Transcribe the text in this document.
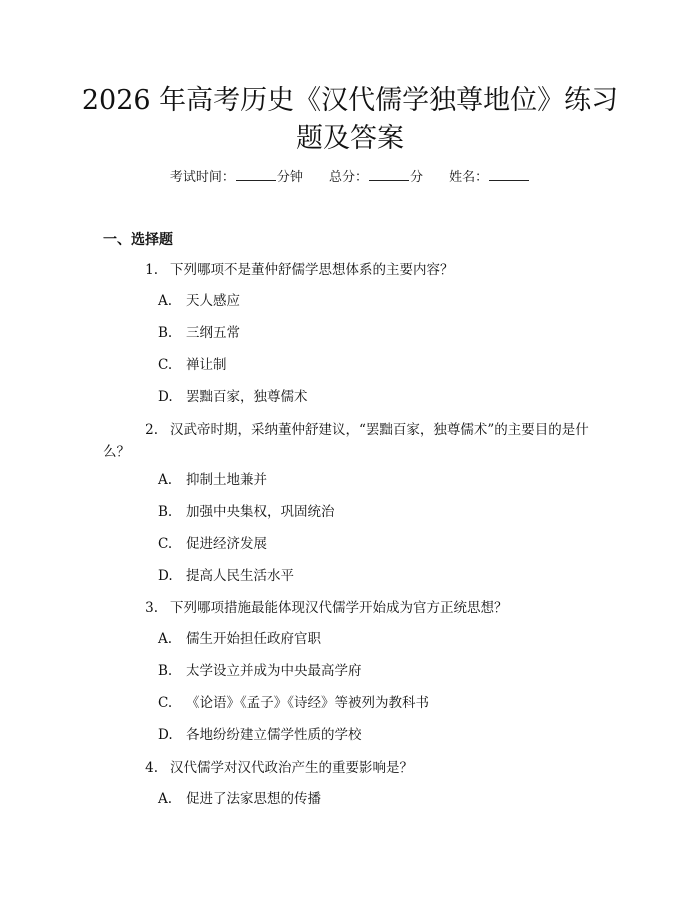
2026 年高考历史《汉代儒学独尊地位》练习
题及答案
考试时间：	分钟 总分：	分 姓名：
一、选择题
1. 下列哪项不是董仲舒儒学思想体系的主要内容？
A. 天人感应
B. 三纲五常
C. 禅让制
D. 罢黜百家，独尊儒术
2. 汉武帝时期，采纳董仲舒建议，“罢黜百家，独尊儒术”的主要目的是什
么？
A. 抑制土地兼并
B. 加强中央集权，巩固统治
C. 促进经济发展
D. 提高人民生活水平
3. 下列哪项措施最能体现汉代儒学开始成为官方正统思想？
A. 儒生开始担任政府官职
B. 太学设立并成为中央最高学府
C. 《论语》《孟子》《诗经》等被列为教科书
D. 各地纷纷建立儒学性质的学校
4. 汉代儒学对汉代政治产生的重要影响是？
A. 促进了法家思想的传播
